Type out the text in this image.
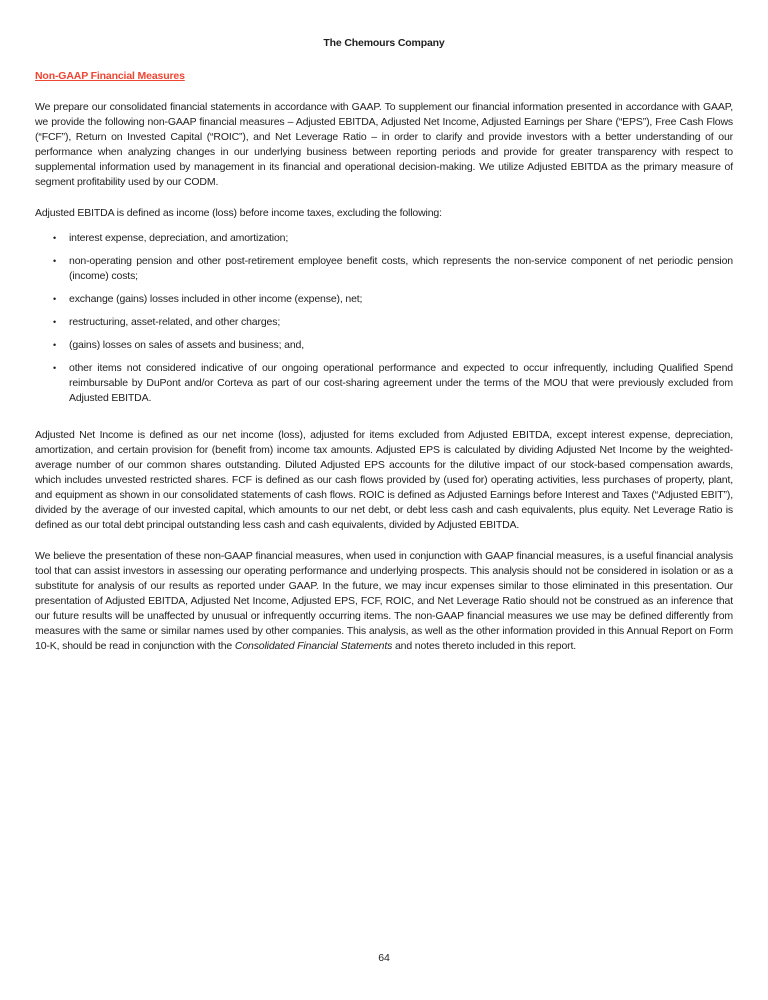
The Chemours Company
Non-GAAP Financial Measures

We prepare our consolidated financial statements in accordance with GAAP. To supplement our financial information presented in accordance with GAAP, we provide the following non-GAAP financial measures – Adjusted EBITDA, Adjusted Net Income, Adjusted Earnings per Share (“EPS”), Free Cash Flows (“FCF”), Return on Invested Capital (“ROIC”), and Net Leverage Ratio – in order to clarify and provide investors with a better understanding of our performance when analyzing changes in our underlying business between reporting periods and provide for greater transparency with respect to supplemental information used by management in its financial and operational decision-making. We utilize Adjusted EBITDA as the primary measure of segment profitability used by our CODM.

Adjusted EBITDA is defined as income (loss) before income taxes, excluding the following:

•	interest expense, depreciation, and amortization;
•	non-operating pension and other post-retirement employee benefit costs, which represents the non-service component of net periodic pension (income) costs;
•	exchange (gains) losses included in other income (expense), net;
•	restructuring, asset-related, and other charges;
•	(gains) losses on sales of assets and business; and,
•	other items not considered indicative of our ongoing operational performance and expected to occur infrequently, including Qualified Spend reimbursable by DuPont and/or Corteva as part of our cost-sharing agreement under the terms of the MOU that were previously excluded from Adjusted EBITDA.

Adjusted Net Income is defined as our net income (loss), adjusted for items excluded from Adjusted EBITDA, except interest expense, depreciation, amortization, and certain provision for (benefit from) income tax amounts. Adjusted EPS is calculated by dividing Adjusted Net Income by the weighted-average number of our common shares outstanding. Diluted Adjusted EPS accounts for the dilutive impact of our stock-based compensation awards, which includes unvested restricted shares. FCF is defined as our cash flows provided by (used for) operating activities, less purchases of property, plant, and equipment as shown in our consolidated statements of cash flows. ROIC is defined as Adjusted Earnings before Interest and Taxes (“Adjusted EBIT”), divided by the average of our invested capital, which amounts to our net debt, or debt less cash and cash equivalents, plus equity. Net Leverage Ratio is defined as our total debt principal outstanding less cash and cash equivalents, divided by Adjusted EBITDA.

We believe the presentation of these non-GAAP financial measures, when used in conjunction with GAAP financial measures, is a useful financial analysis tool that can assist investors in assessing our operating performance and underlying prospects. This analysis should not be considered in isolation or as a substitute for analysis of our results as reported under GAAP. In the future, we may incur expenses similar to those eliminated in this presentation. Our presentation of Adjusted EBITDA, Adjusted Net Income, Adjusted EPS, FCF, ROIC, and Net Leverage Ratio should not be construed as an inference that our future results will be unaffected by unusual or infrequently occurring items. The non-GAAP financial measures we use may be defined differently from measures with the same or similar names used by other companies. This analysis, as well as the other information provided in this Annual Report on Form 10-K, should be read in conjunction with the Consolidated Financial Statements and notes thereto included in this report.

64
